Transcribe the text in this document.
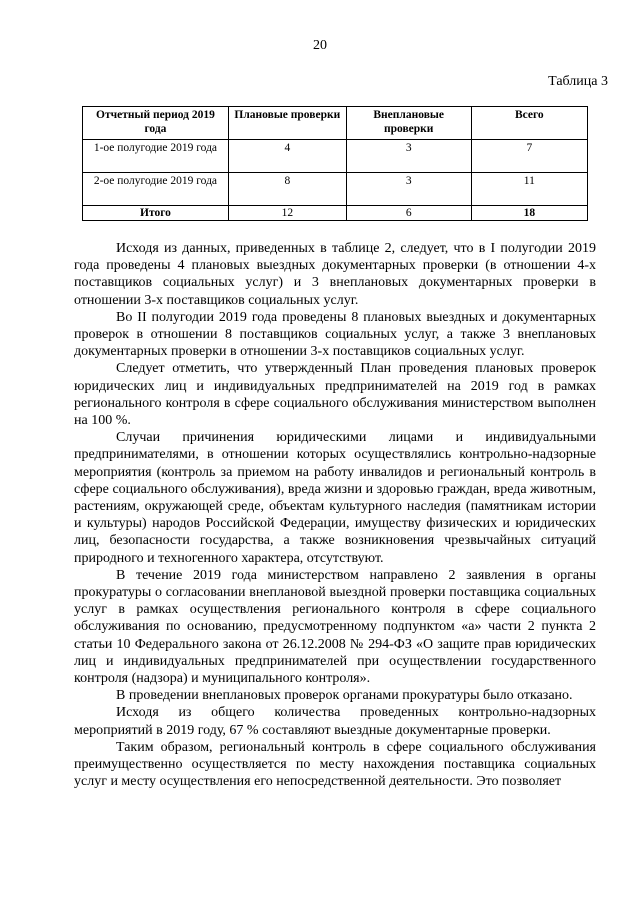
20
Таблица 3
Отчетный период 2019 года	Плановые проверки	Внеплановые проверки	Всего
1-ое полугодие 2019 года	4	3	7
2-ое полугодие 2019 года	8	3	11
Итого	12	6	18

Исходя из данных, приведенных в таблице 2, следует, что в I полугодии 2019 года проведены 4 плановых выездных документарных проверки (в отношении 4-х поставщиков социальных услуг) и 3 внеплановых документарных проверки в отношении 3-х поставщиков социальных услуг.

Во II полугодии 2019 года проведены 8 плановых выездных и документарных проверок в отношении 8 поставщиков социальных услуг, а также 3 внеплановых документарных проверки в отношении 3-х поставщиков социальных услуг.

Следует отметить, что утвержденный План проведения плановых проверок юридических лиц и индивидуальных предпринимателей на 2019 год в рамках регионального контроля в сфере социального обслуживания министерством выполнен на 100 %.

Случаи причинения юридическими лицами и индивидуальными предпринимателями, в отношении которых осуществлялись контрольно-надзорные мероприятия (контроль за приемом на работу инвалидов и региональный контроль в сфере социального обслуживания), вреда жизни и здоровью граждан, вреда животным, растениям, окружающей среде, объектам культурного наследия (памятникам истории и культуры) народов Российской Федерации, имуществу физических и юридических лиц, безопасности государства, а также возникновения чрезвычайных ситуаций природного и техногенного характера, отсутствуют.

В течение 2019 года министерством направлено 2 заявления в органы прокуратуры о согласовании внеплановой выездной проверки поставщика социальных услуг в рамках осуществления регионального контроля в сфере социального обслуживания по основанию, предусмотренному подпунктом «а» части 2 пункта 2 статьи 10 Федерального закона от 26.12.2008 № 294-ФЗ «О защите прав юридических лиц и индивидуальных предпринимателей при осуществлении государственного контроля (надзора) и муниципального контроля».

В проведении внеплановых проверок органами прокуратуры было отказано.

Исходя из общего количества проведенных контрольно-надзорных мероприятий в 2019 году, 67 % составляют выездные документарные проверки.

Таким образом, региональный контроль в сфере социального обслуживания преимущественно осуществляется по месту нахождения поставщика социальных услуг и месту осуществления его непосредственной деятельности. Это позволяет
